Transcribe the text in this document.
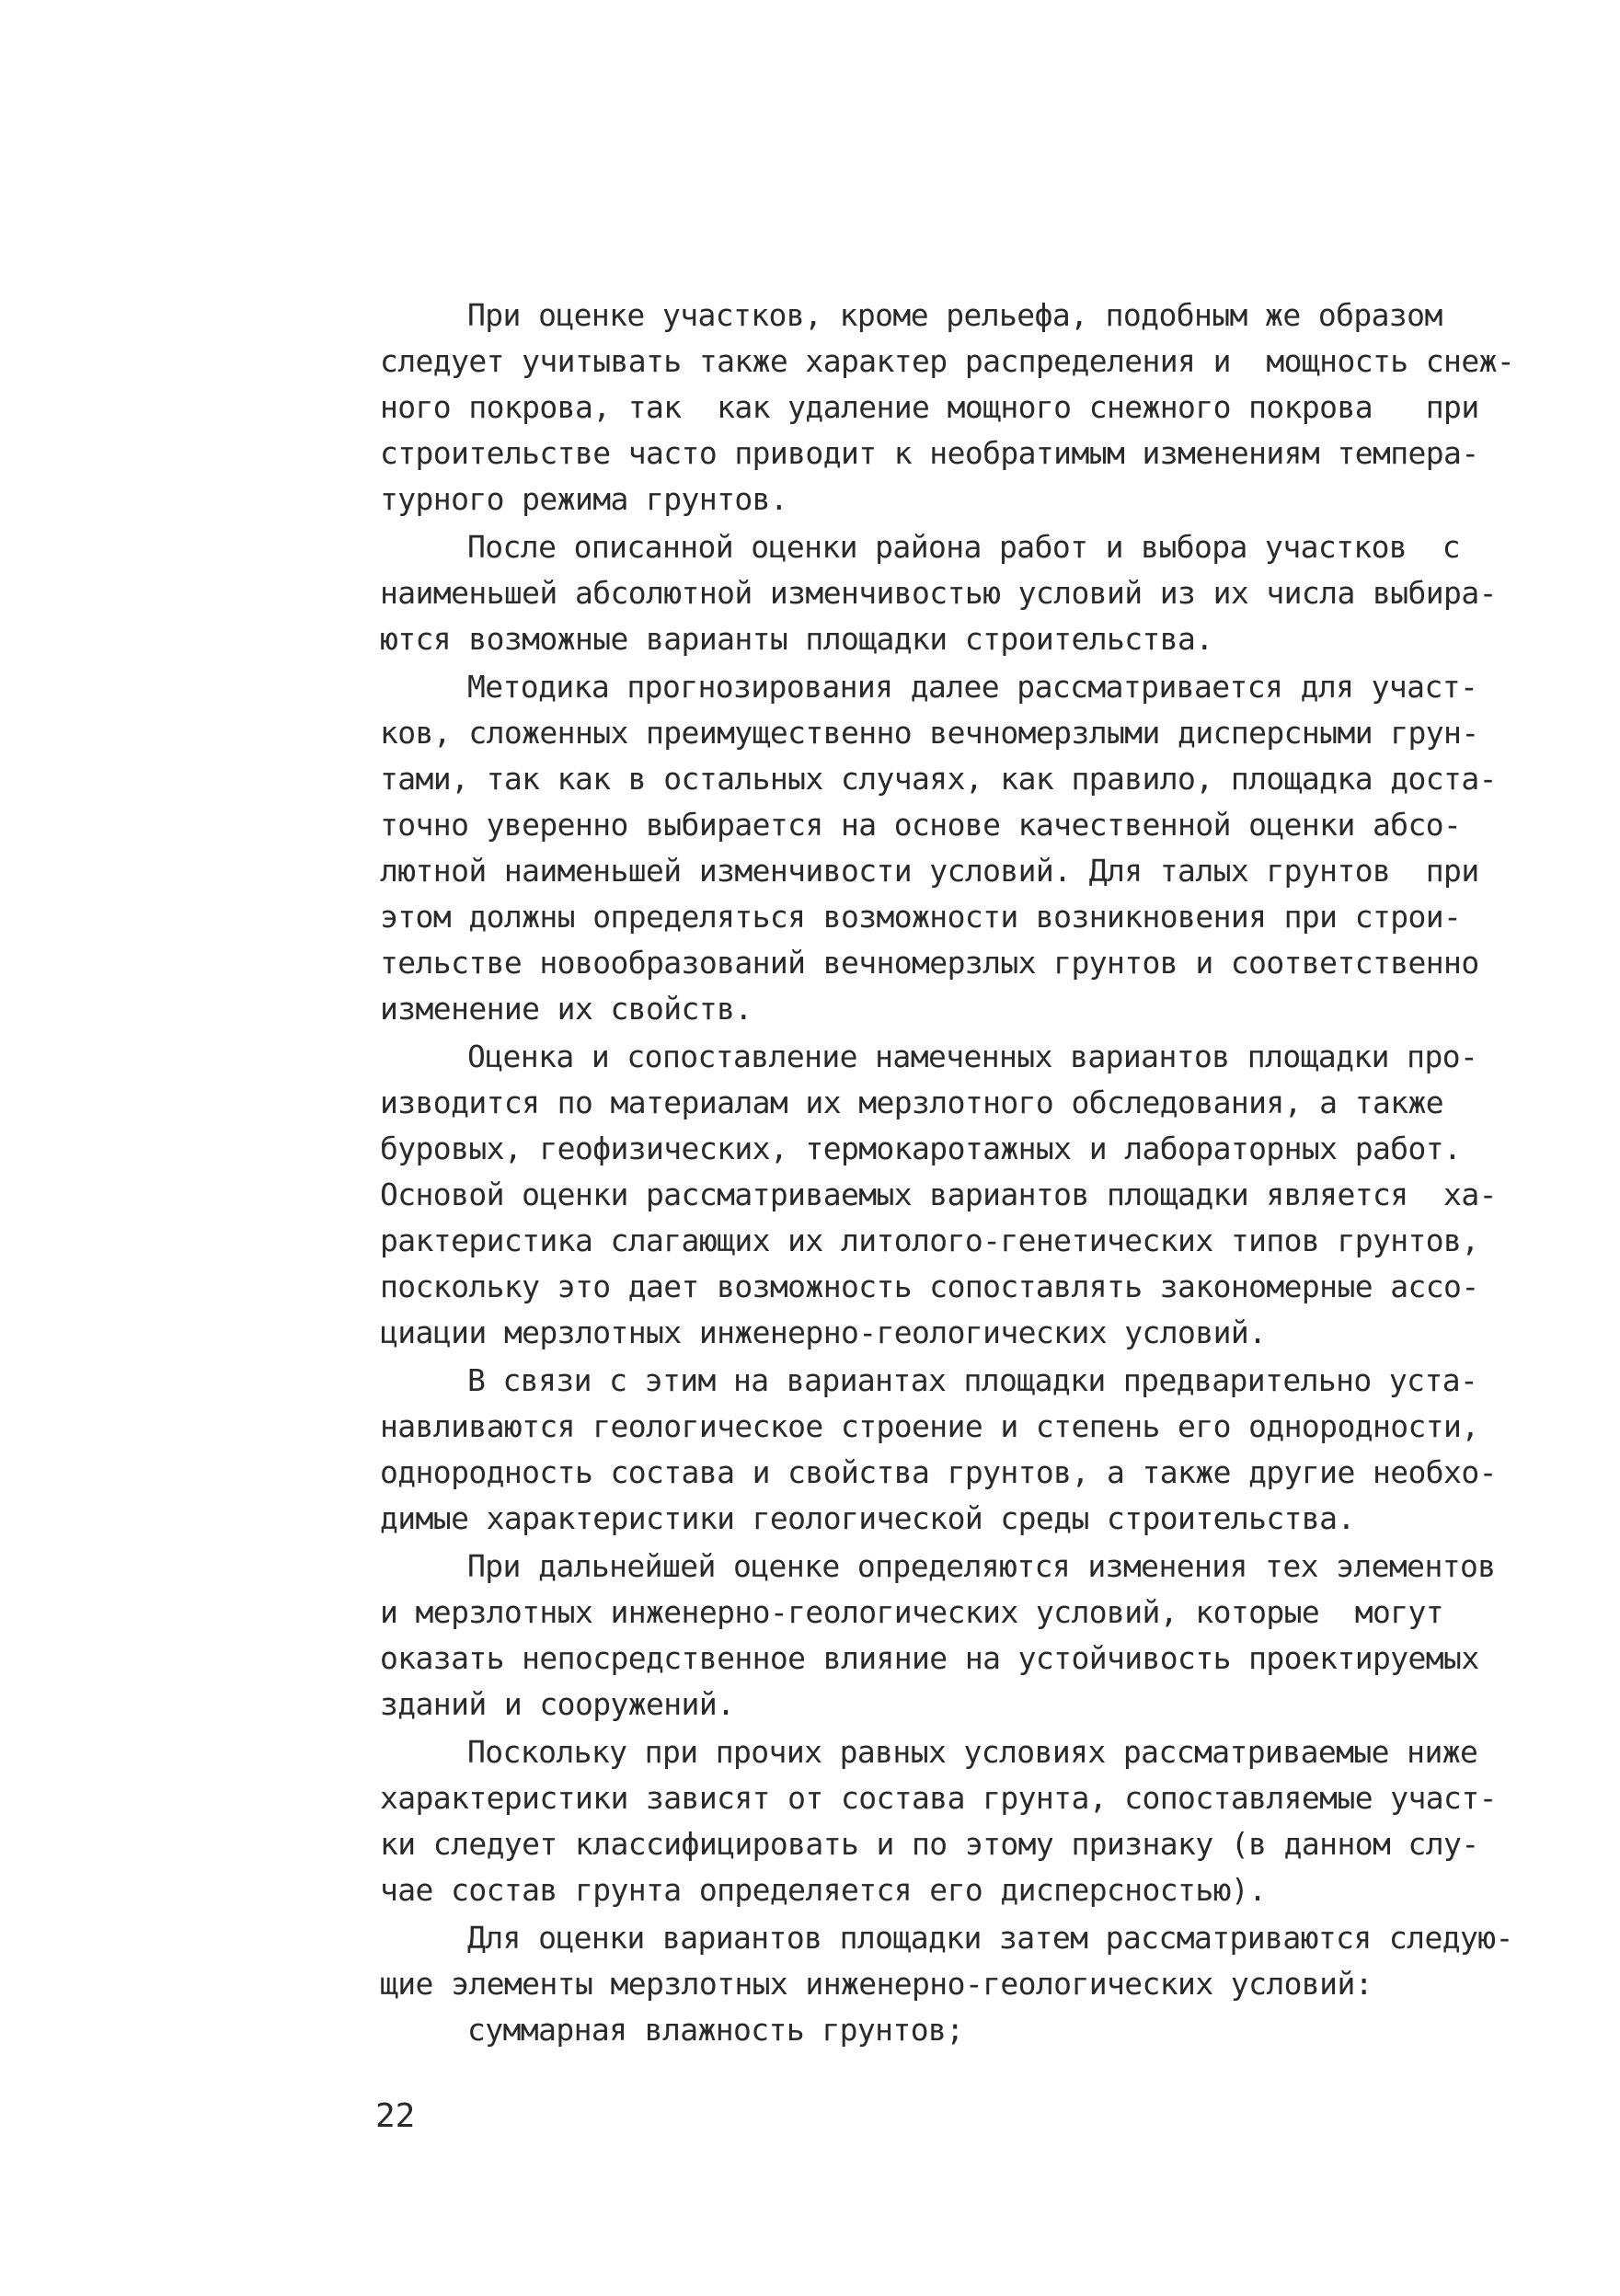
При оценке участков, кроме рельефа, подобным же образом
следует учитывать также характер распределения и  мощность снеж-
ного покрова, так  как удаление мощного снежного покрова   при
строительстве часто приводит к необратимым изменениям темпера-
турного режима грунтов.
После описанной оценки района работ и выбора участков  с
наименьшей абсолютной изменчивостью условий из их числа выбира-
ются возможные варианты площадки строительства.
Методика прогнозирования далее рассматривается для участ-
ков, сложенных преимущественно вечномерзлыми дисперсными грун-
тами, так как в остальных случаях, как правило, площадка доста-
точно уверенно выбирается на основе качественной оценки абсо-
лютной наименьшей изменчивости условий. Для талых грунтов  при
этом должны определяться возможности возникновения при строи-
тельстве новообразований вечномерзлых грунтов и соответственно
изменение их свойств.
Оценка и сопоставление намеченных вариантов площадки про-
изводится по материалам их мерзлотного обследования, а также
буровых, геофизических, термокаротажных и лабораторных работ.
Основой оценки рассматриваемых вариантов площадки является  ха-
рактеристика слагающих их литолого-генетических типов грунтов,
поскольку это дает возможность сопоставлять закономерные ассо-
циации мерзлотных инженерно-геологических условий.
В связи с этим на вариантах площадки предварительно уста-
навливаются геологическое строение и степень его однородности,
однородность состава и свойства грунтов, а также другие необхо-
димые характеристики геологической среды строительства.
При дальнейшей оценке определяются изменения тех элементов
и мерзлотных инженерно-геологических условий, которые  могут
оказать непосредственное влияние на устойчивость проектируемых
зданий и сооружений.
Поскольку при прочих равных условиях рассматриваемые ниже
характеристики зависят от состава грунта, сопоставляемые участ-
ки следует классифицировать и по этому признаку (в данном слу-
чае состав грунта определяется его дисперсностью).
Для оценки вариантов площадки затем рассматриваются следую-
щие элементы мерзлотных инженерно-геологических условий:
суммарная влажность грунтов;
22
